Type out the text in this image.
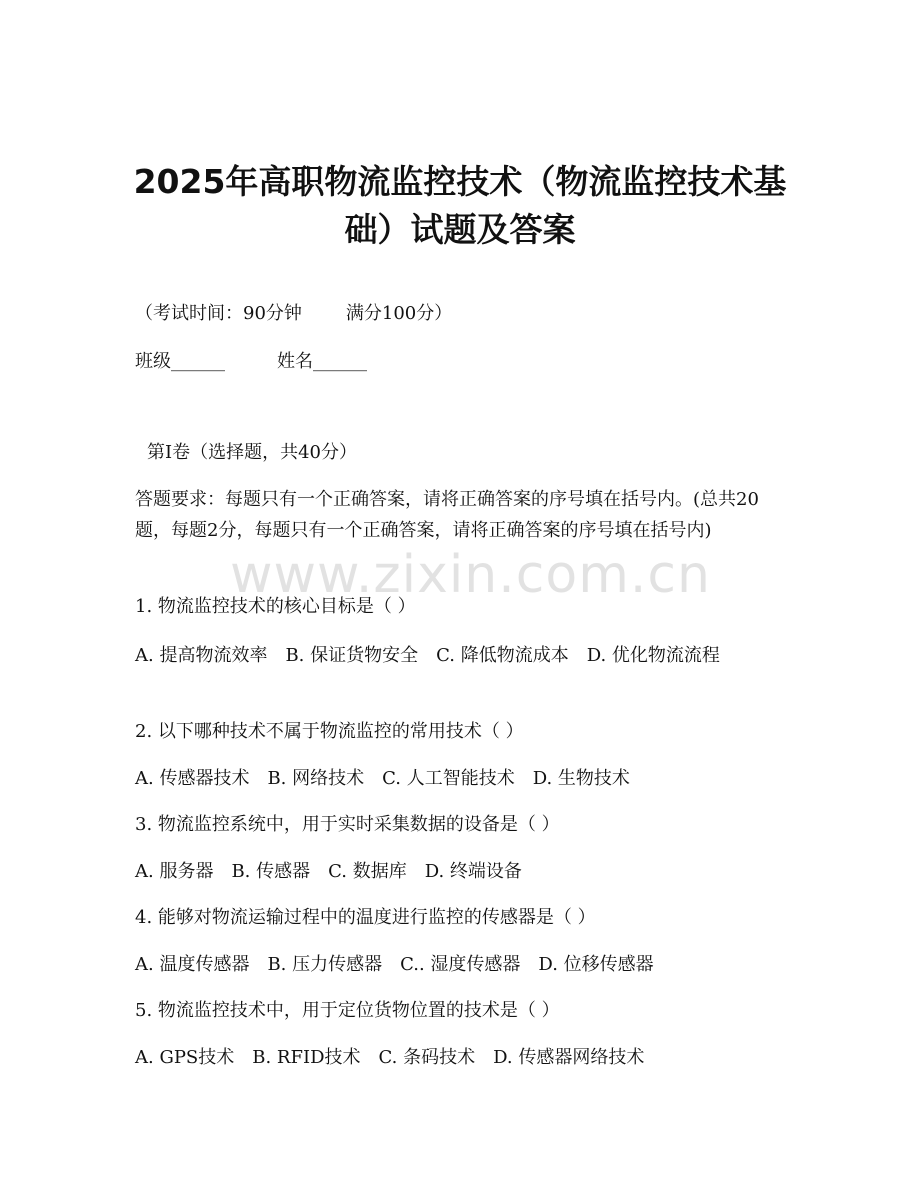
2025年高职物流监控技术（物流监控技术基础）试题及答案
（考试时间：90分钟 满分100分）
班级______	姓名______
第I卷（选择题，共40分）
答题要求：每题只有一个正确答案，请将正确答案的序号填在括号内。(总共20题，每题2分，每题只有一个正确答案，请将正确答案的序号填在括号内)
1. 物流监控技术的核心目标是（ ）
A. 提高物流效率 B. 保证货物安全 C. 降低物流成本 D. 优化物流流程
2. 以下哪种技术不属于物流监控的常用技术（ ）
A. 传感器技术 B. 网络技术 C. 人工智能技术 D. 生物技术
3. 物流监控系统中，用于实时采集数据的设备是（ ）
A. 服务器 B. 传感器 C. 数据库 D. 终端设备
4. 能够对物流运输过程中的温度进行监控的传感器是（ ）
A. 温度传感器 B. 压力传感器 C.. 湿度传感器 D. 位移传感器
5. 物流监控技术中，用于定位货物位置的技术是（ ）
A. GPS技术 B. RFID技术 C. 条码技术 D. 传感器网络技术
www.zixin.com.cn
